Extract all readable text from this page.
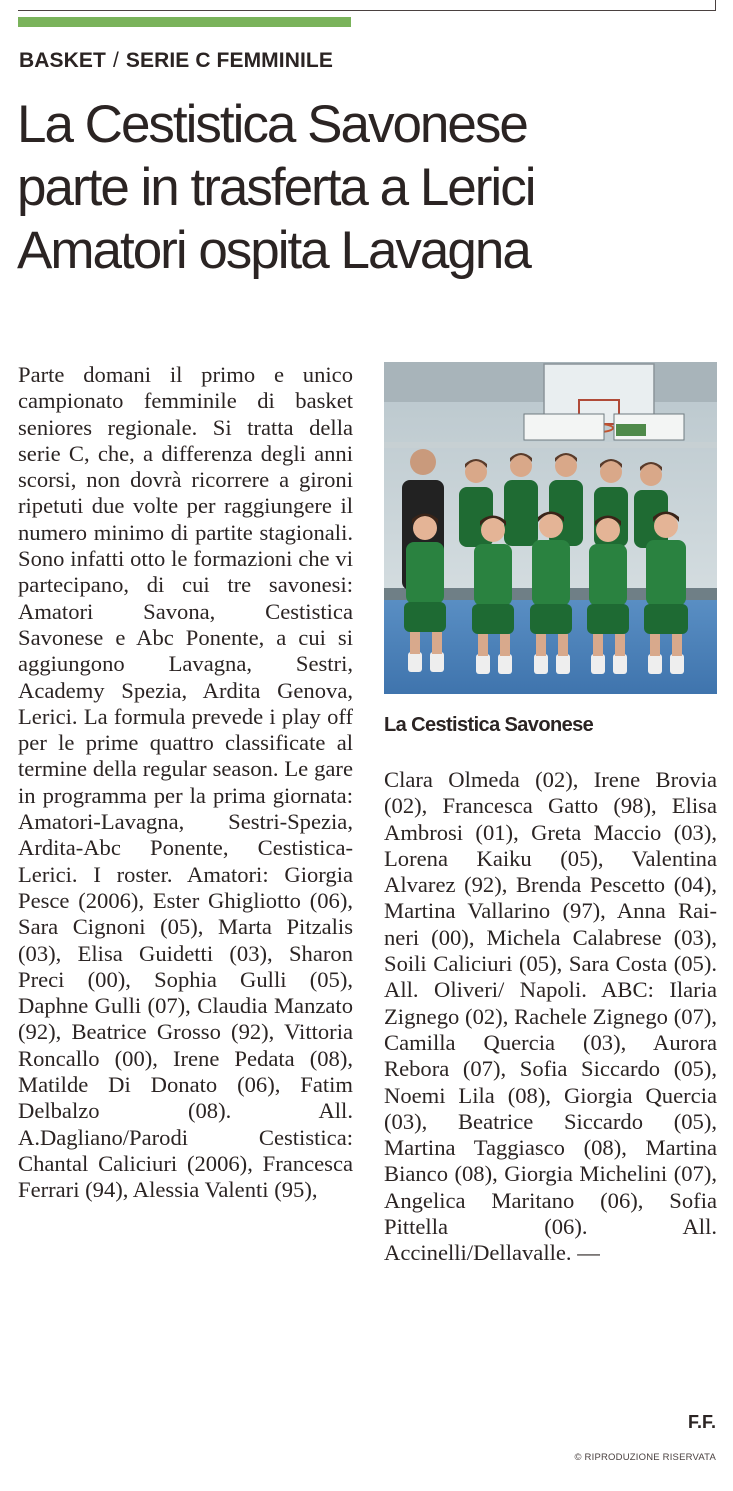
BASKET / SERIE C FEMMINILE
La Cestistica Savonese
parte in trasferta a Lerici
Amatori ospita Lavagna
Parte domani il primo e unico campionato femminile di basket seniores regionale. Si tratta della serie C, che, a differenza degli anni scorsi, non dovrà ricorrere a gironi ripetuti due volte per raggiungere il numero minimo di partite stagionali. Sono infatti otto le formazioni che vi partecipano, di cui tre savonesi: Amatori Savona, Cestistica Savonese e Abc Ponente, a cui si aggiungono Lavagna, Sestri, Academy Spezia, Ardita Genova, Lerici. La formula prevede i play off per le prime quattro classificate al termine della regular season. Le gare in programma per la prima giornata: Amatori-Lavagna, Sestri-Spezia, Ardita-Abc Ponente, Cestistica-Lerici. I roster. Amatori: Giorgia Pesce (2006), Ester Ghigliotto (06), Sara Cignoni (05), Marta Pitzalis (03), Elisa Guidetti (03), Sharon Preci (00), Sophia Gulli (05), Daphne Gulli (07), Claudia Manzato (92), Beatrice Grosso (92), Vittoria Roncallo (00), Irene Pedata (08), Matilde Di Donato (06), Fatim Delbalzo (08). All. A.Dagliano/Parodi Cestistica: Chantal Caliciuri (2006), Francesca Ferrari (94), Alessia Valenti (95),
La Cestistica Savonese
Clara Olmeda (02), Irene Brovia (02), Francesca Gatto (98), Elisa Ambrosi (01), Greta Maccio (03), Lorena Kaiku (05), Valentina Alvarez (92), Brenda Pescetto (04), Martina Vallarino (97), Anna Raineri (00), Michela Calabrese (03), Soili Caliciuri (05), Sara Costa (05). All. Oliveri/ Napoli. ABC: Ilaria Zignego (02), Rachele Zignego (07), Camilla Quercia (03), Aurora Rebora (07), Sofia Siccardo (05), Noemi Lila (08), Giorgia Quercia (03), Beatrice Siccardo (05), Martina Taggiasco (08), Martina Bianco (08), Giorgia Michelini (07), Angelica Maritano (06), Sofia Pittella (06). All. Accinelli/Dellavalle. —
F.F.
© RIPRODUZIONE RISERVATA
